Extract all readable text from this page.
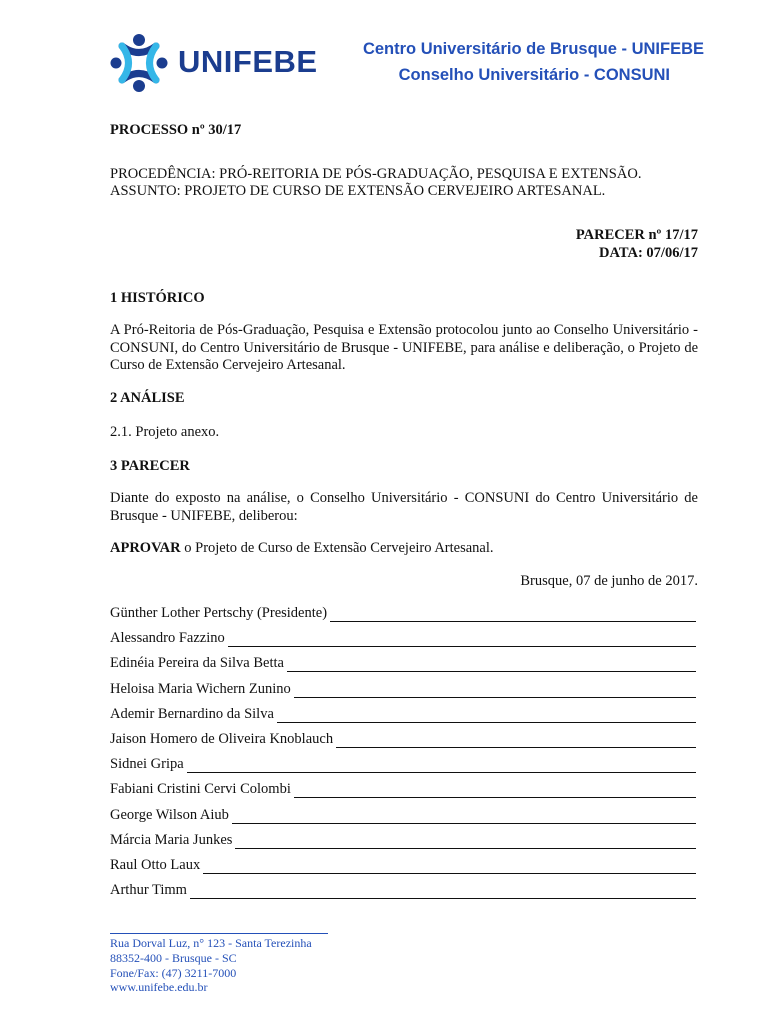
UNIFEBE	Centro Universitário de Brusque - UNIFEBE
Conselho Universitário - CONSUNI
PROCESSO nº 30/17
PROCEDÊNCIA: PRÓ-REITORIA DE PÓS-GRADUAÇÃO, PESQUISA E EXTENSÃO.
ASSUNTO: PROJETO DE CURSO DE EXTENSÃO CERVEJEIRO ARTESANAL.
PARECER nº 17/17
DATA: 07/06/17
1 HISTÓRICO
A Pró-Reitoria de Pós-Graduação, Pesquisa e Extensão protocolou junto ao Conselho Universitário - CONSUNI, do Centro Universitário de Brusque - UNIFEBE, para análise e deliberação, o Projeto de Curso de Extensão Cervejeiro Artesanal.
2 ANÁLISE
2.1. Projeto anexo.
3 PARECER
Diante do exposto na análise, o Conselho Universitário - CONSUNI do Centro Universitário de Brusque - UNIFEBE, deliberou:
APROVAR o Projeto de Curso de Extensão Cervejeiro Artesanal.
Brusque, 07 de junho de 2017.
Günther Lother Pertschy (Presidente)
Alessandro Fazzino
Edinéia Pereira da Silva Betta
Heloisa Maria Wichern Zunino
Ademir Bernardino da Silva
Jaison Homero de Oliveira Knoblauch
Sidnei Gripa
Fabiani Cristini Cervi Colombi
George Wilson Aiub
Márcia Maria Junkes
Raul Otto Laux
Arthur Timm
Rua Dorval Luz, n° 123 - Santa Terezinha
88352-400 - Brusque - SC
Fone/Fax: (47) 3211-7000
www.unifebe.edu.br
